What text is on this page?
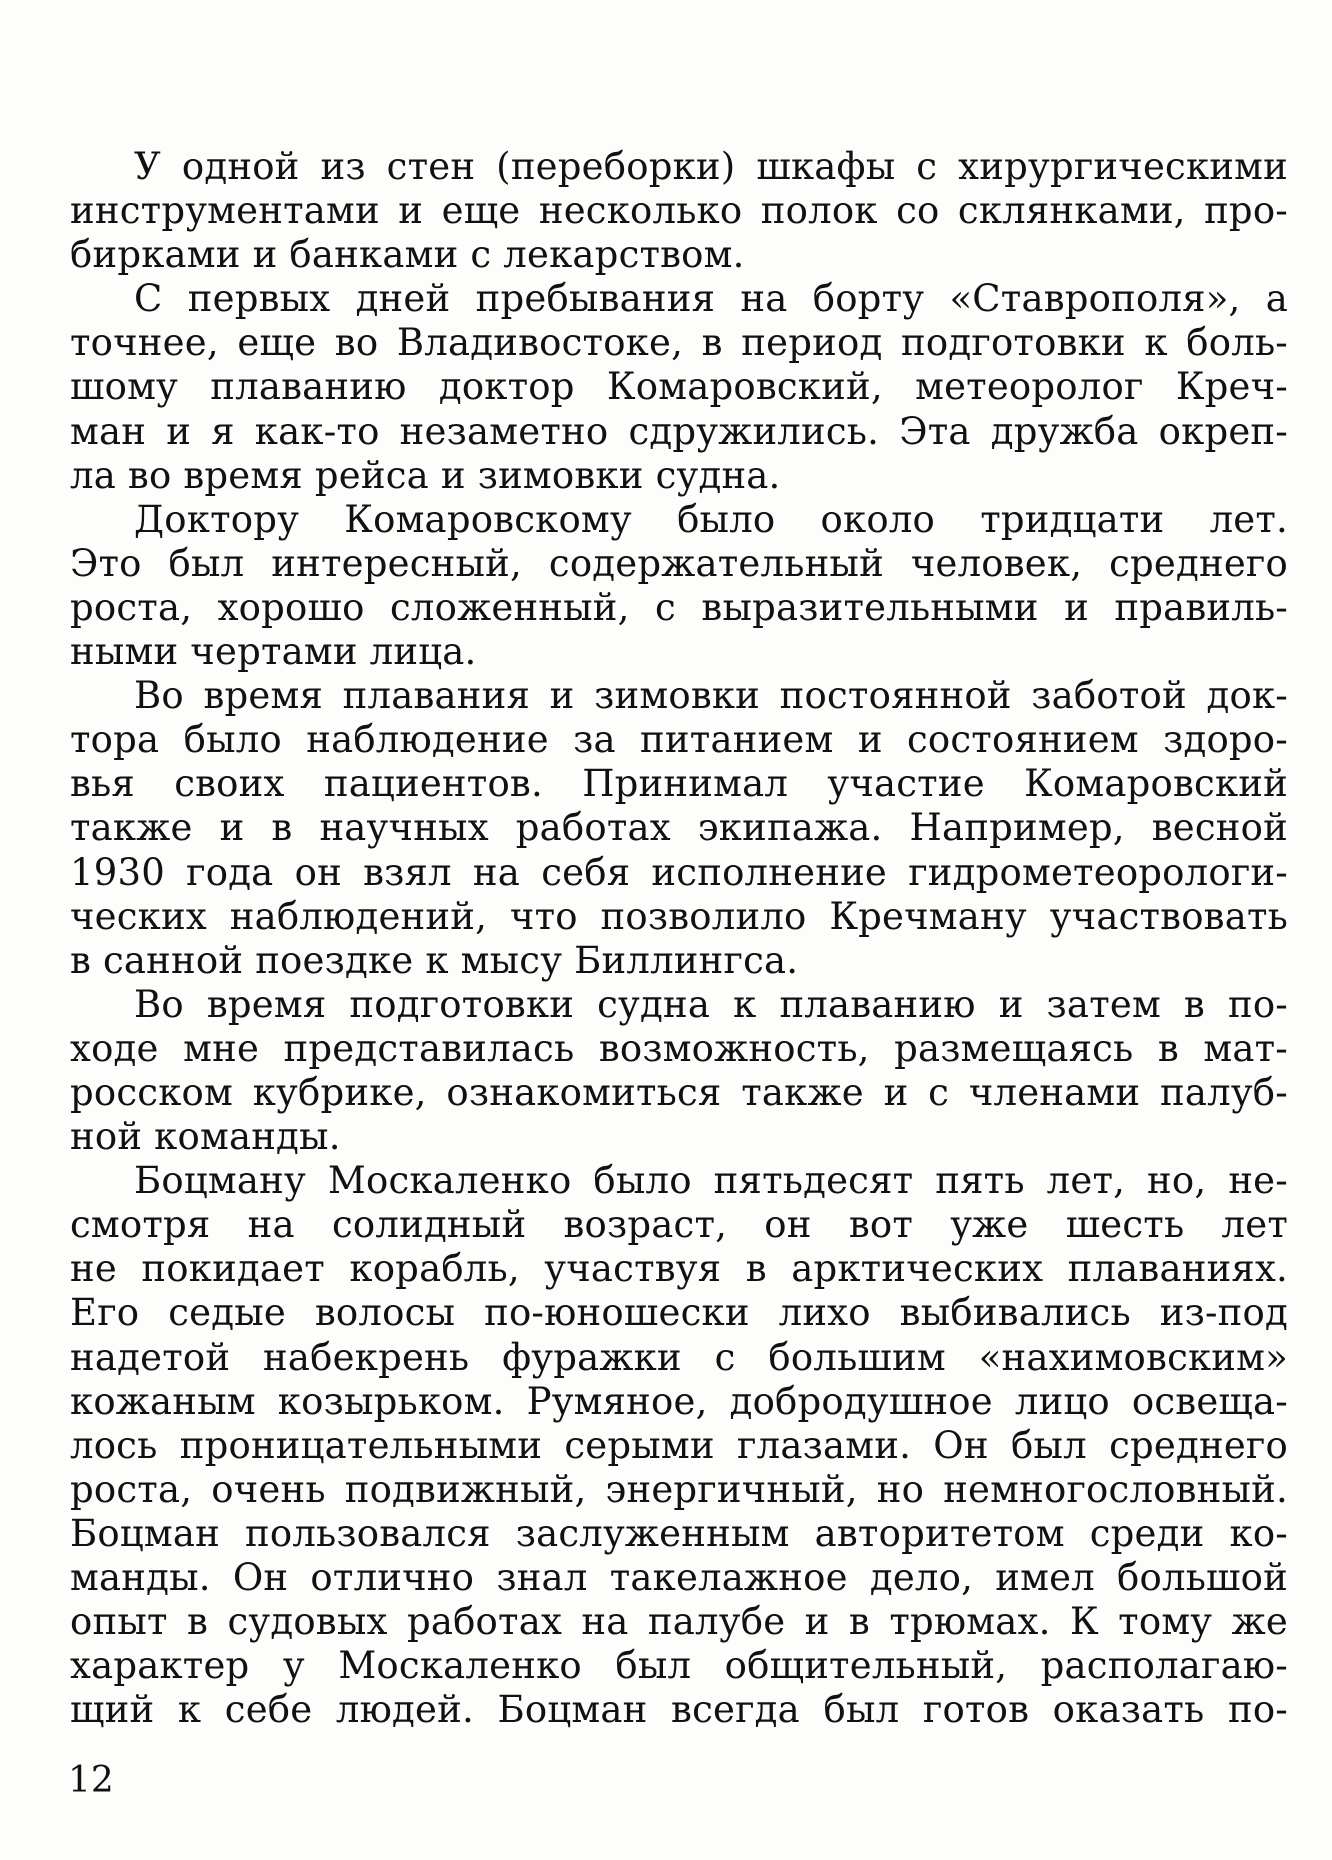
У одной из стен (переборки) шкафы с хирургическими
инструментами и еще несколько полок со склянками, про-
бирками и банками с лекарством.
С первых дней пребывания на борту «Ставрополя», а
точнее, еще во Владивостоке, в период подготовки к боль-
шому плаванию доктор Комаровский, метеоролог Креч-
ман и я как-то незаметно сдружились. Эта дружба окреп-
ла во время рейса и зимовки судна.
Доктору Комаровскому было около тридцати лет.
Это был интересный, содержательный человек, среднего
роста, хорошо сложенный, с выразительными и правиль-
ными чертами лица.
Во время плавания и зимовки постоянной заботой док-
тора было наблюдение за питанием и состоянием здоро-
вья своих пациентов. Принимал участие Комаровский
также и в научных работах экипажа. Например, весной
1930 года он взял на себя исполнение гидрометеорологи-
ческих наблюдений, что позволило Кречману участвовать
в санной поездке к мысу Биллингса.
Во время подготовки судна к плаванию и затем в по-
ходе мне представилась возможность, размещаясь в мат-
росском кубрике, ознакомиться также и с членами палуб-
ной команды.
Боцману Москаленко было пятьдесят пять лет, но, не-
смотря на солидный возраст, он вот уже шесть лет
не покидает корабль, участвуя в арктических плаваниях.
Его седые волосы по-юношески лихо выбивались из-под
надетой набекрень фуражки с большим «нахимовским»
кожаным козырьком. Румяное, добродушное лицо освеща-
лось проницательными серыми глазами. Он был среднего
роста, очень подвижный, энергичный, но немногословный.
Боцман пользовался заслуженным авторитетом среди ко-
манды. Он отлично знал такелажное дело, имел большой
опыт в судовых работах на палубе и в трюмах. К тому же
характер у Москаленко был общительный, располагаю-
щий к себе людей. Боцман всегда был готов оказать по-
12
